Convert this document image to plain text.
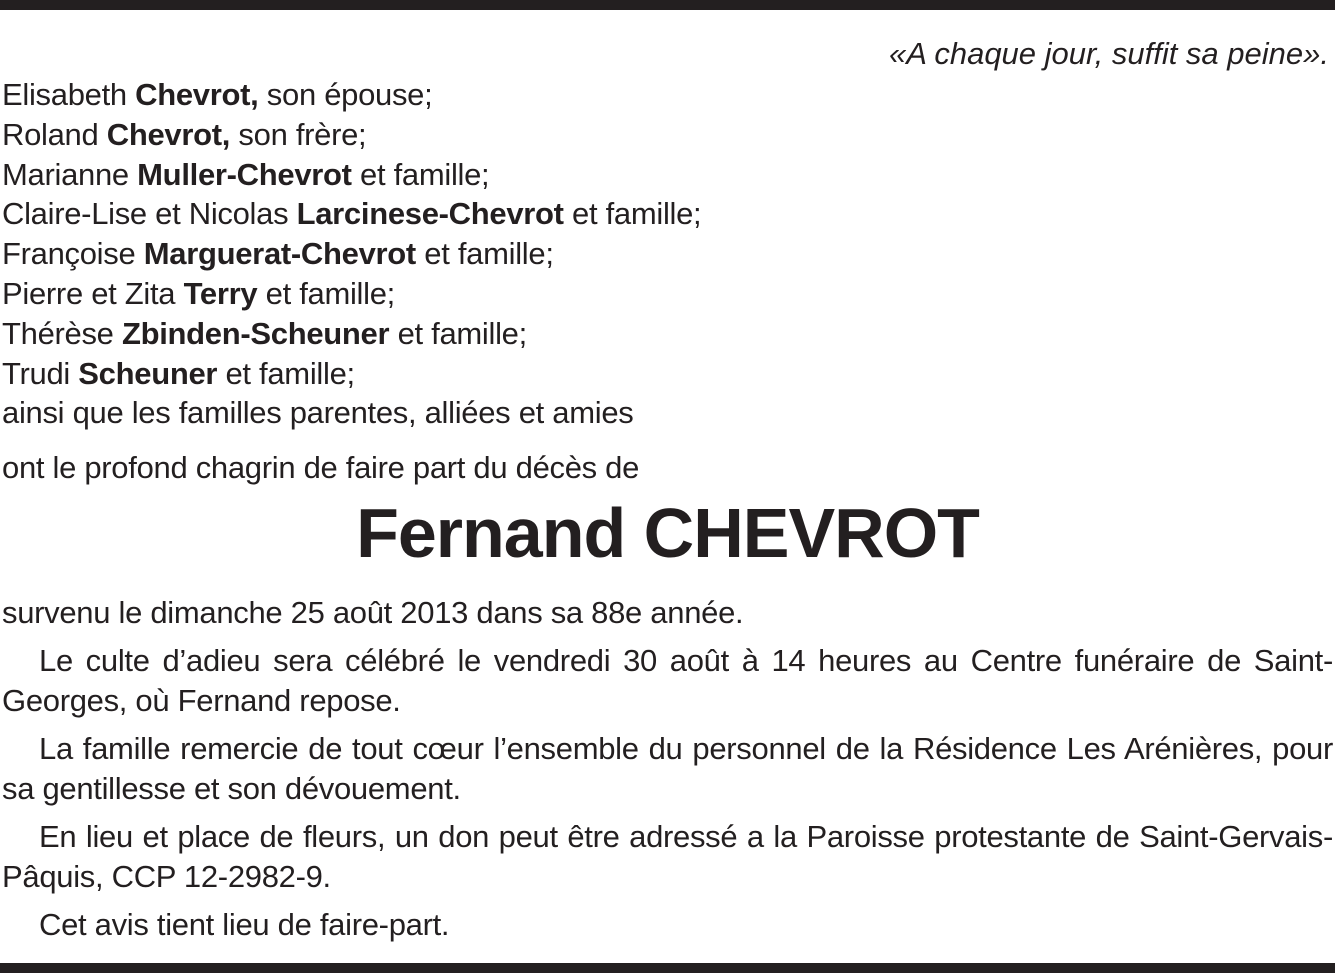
«A chaque jour, suffit sa peine».
Elisabeth Chevrot, son épouse;
Roland Chevrot, son frère;
Marianne Muller-Chevrot et famille;
Claire-Lise et Nicolas Larcinese-Chevrot et famille;
Françoise Marguerat-Chevrot et famille;
Pierre et Zita Terry et famille;
Thérèse Zbinden-Scheuner et famille;
Trudi Scheuner et famille;
ainsi que les familles parentes, alliées et amies
ont le profond chagrin de faire part du décès de
Fernand CHEVROT

survenu le dimanche 25 août 2013 dans sa 88e année.

Le culte d’adieu sera célébré le vendredi 30 août à 14 heures au Centre funéraire de Saint-Georges, où Fernand repose.

La famille remercie de tout cœur l’ensemble du personnel de la Résidence Les Arénières, pour sa gentillesse et son dévouement.

En lieu et place de fleurs, un don peut être adressé a la Paroisse protestante de Saint-Gervais-Pâquis, CCP 12-2982-9.

Cet avis tient lieu de faire-part.
